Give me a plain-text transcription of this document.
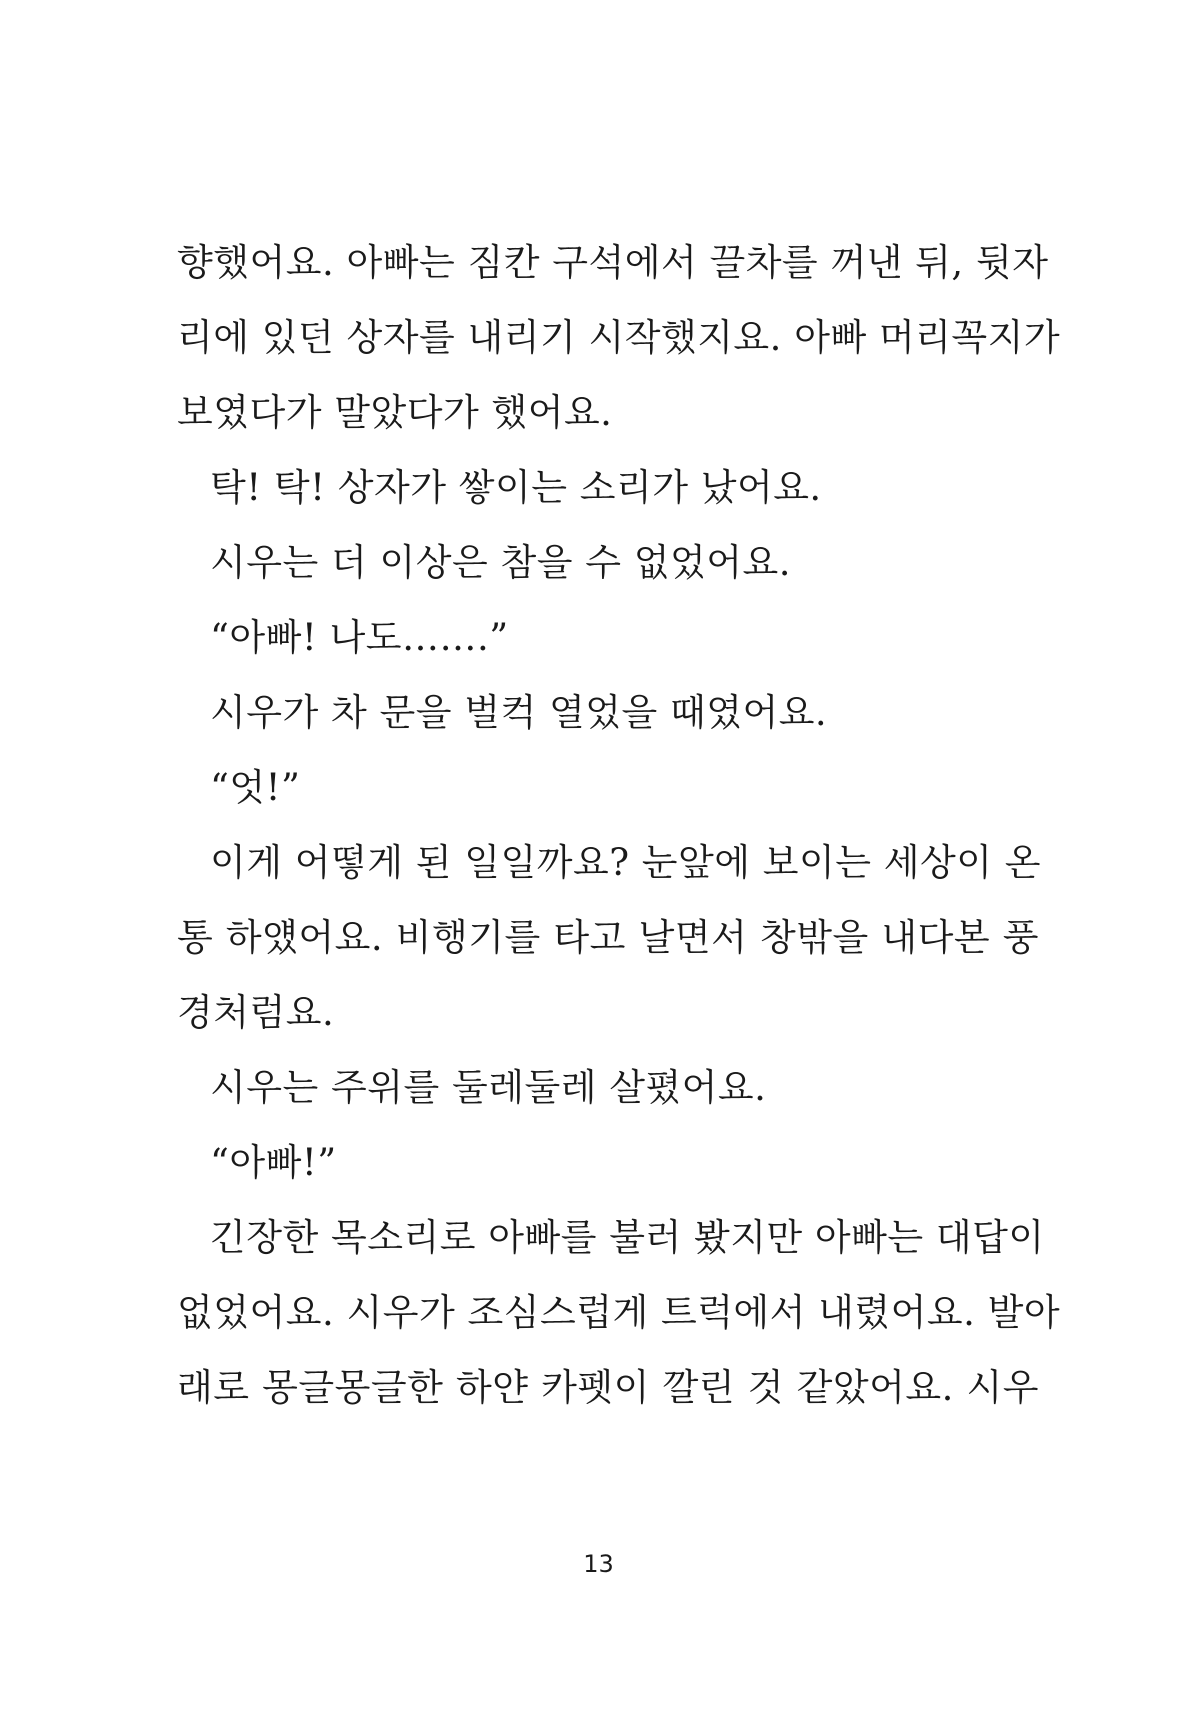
향했어요. 아빠는 짐칸 구석에서 끌차를 꺼낸 뒤, 뒷자
리에 있던 상자를 내리기 시작했지요. 아빠 머리꼭지가
보였다가 말았다가 했어요.
탁! 탁! 상자가 쌓이는 소리가 났어요.
시우는 더 이상은 참을 수 없었어요.
“아빠! 나도…….”
시우가 차 문을 벌컥 열었을 때였어요.
“엇!”
이게 어떻게 된 일일까요? 눈앞에 보이는 세상이 온
통 하얬어요. 비행기를 타고 날면서 창밖을 내다본 풍
경처럼요.
시우는 주위를 둘레둘레 살폈어요.
“아빠!”
긴장한 목소리로 아빠를 불러 봤지만 아빠는 대답이
없었어요. 시우가 조심스럽게 트럭에서 내렸어요. 발아
래로 몽글몽글한 하얀 카펫이 깔린 것 같았어요. 시우
13
